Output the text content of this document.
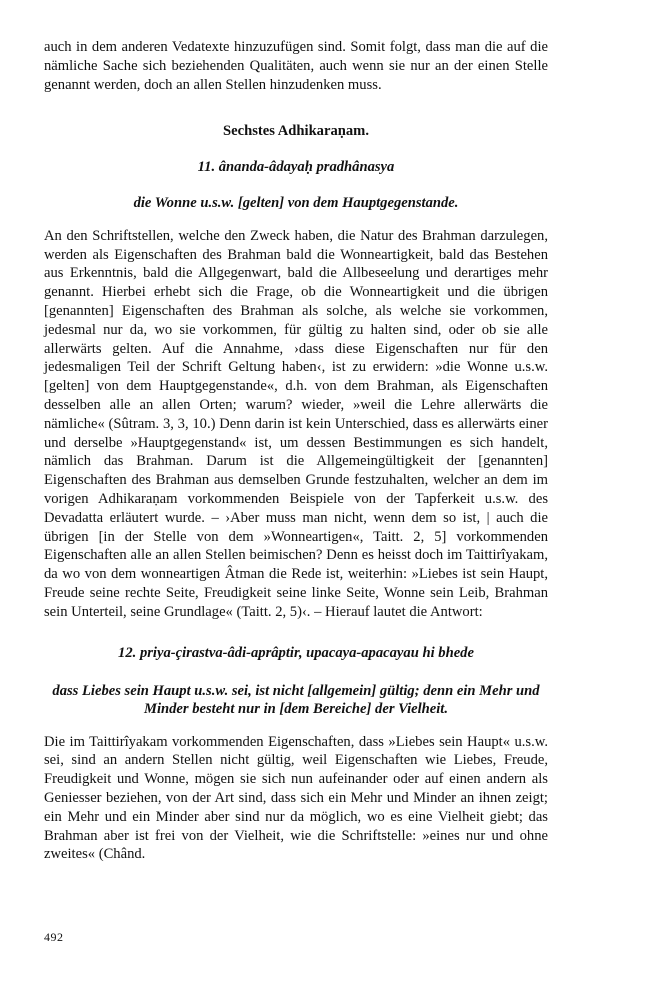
auch in dem anderen Vedatexte hinzuzufügen sind. Somit folgt, dass man die auf die nämliche Sache sich beziehenden Qualitäten, auch wenn sie nur an der einen Stelle genannt werden, doch an allen Stellen hinzudenken muss.

Sechstes Adhikaraṇam.
11. ânanda-âdayaḥ pradhânasya
die Wonne u.s.w. [gelten] von dem Hauptgegenstande.

An den Schriftstellen, welche den Zweck haben, die Natur des Brahman darzulegen, werden als Eigenschaften des Brahman bald die Wonneartigkeit, bald das Bestehen aus Erkenntnis, bald die Allgegenwart, bald die Allbeseelung und derartiges mehr genannt. Hierbei erhebt sich die Frage, ob die Wonneartigkeit und die übrigen [genannten] Eigenschaften des Brahman als solche, als welche sie vorkommen, jedesmal nur da, wo sie vorkommen, für gültig zu halten sind, oder ob sie alle allerwärts gelten. Auf die Annahme, ›dass diese Eigenschaften nur für den jedesmaligen Teil der Schrift Geltung haben‹, ist zu erwidern: »die Wonne u.s.w. [gelten] von dem Hauptgegenstande«, d.h. von dem Brahman, als Eigenschaften desselben alle an allen Orten; warum? wieder, »weil die Lehre allerwärts die nämliche« (Sûtram. 3, 3, 10.) Denn darin ist kein Unterschied, dass es allerwärts einer und derselbe »Hauptgegenstand« ist, um dessen Bestimmungen es sich handelt, nämlich das Brahman. Darum ist die Allgemeingültigkeit der [genannten] Eigenschaften des Brahman aus demselben Grunde festzuhalten, welcher an dem im vorigen Adhikaraṇam vorkommenden Beispiele von der Tapferkeit u.s.w. des Devadatta erläutert wurde. – ›Aber muss man nicht, wenn dem so ist, | auch die übrigen [in der Stelle von dem »Wonneartigen«, Taitt. 2, 5] vorkommenden Eigenschaften alle an allen Stellen beimischen? Denn es heisst doch im Taittirîyakam, da wo von dem wonneartigen Âtman die Rede ist, weiterhin: »Liebes ist sein Haupt, Freude seine rechte Seite, Freudigkeit seine linke Seite, Wonne sein Leib, Brahman sein Unterteil, seine Grundlage« (Taitt. 2, 5)‹. – Hierauf lautet die Antwort:

12. priya-çirastva-âdi-aprâptir, upacaya-apacayau hi bhede
dass Liebes sein Haupt u.s.w. sei, ist nicht [allgemein] gültig; denn ein Mehr und Minder besteht nur in [dem Bereiche] der Vielheit.

Die im Taittirîyakam vorkommenden Eigenschaften, dass »Liebes sein Haupt« u.s.w. sei, sind an andern Stellen nicht gültig, weil Eigenschaften wie Liebes, Freude, Freudigkeit und Wonne, mögen sie sich nun aufeinander oder auf einen andern als Geniesser beziehen, von der Art sind, dass sich ein Mehr und Minder an ihnen zeigt; ein Mehr und ein Minder aber sind nur da möglich, wo es eine Vielheit giebt; das Brahman aber ist frei von der Vielheit, wie die Schriftstelle: »eines nur und ohne zweites« (Chând.

492
